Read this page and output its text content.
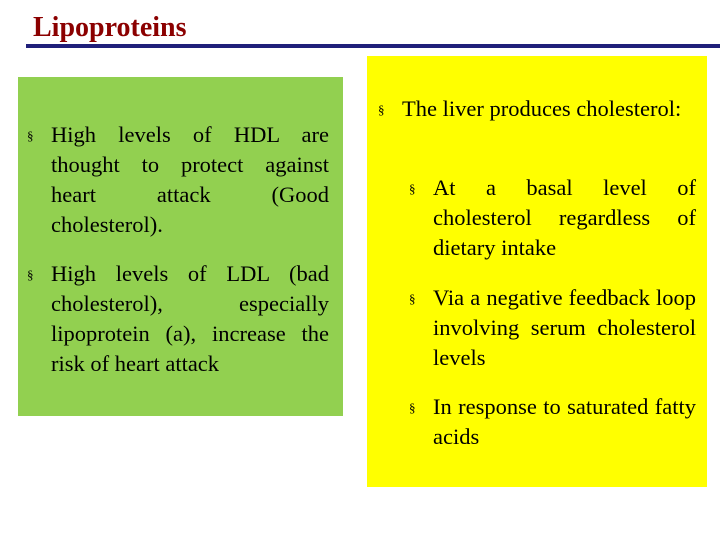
Lipoproteins
§ High levels of HDL are thought to protect against heart attack (Good cholesterol).
§ High levels of LDL (bad cholesterol), especially lipoprotein (a), increase the risk of heart attack
§ The liver produces cholesterol:
§ At a basal level of cholesterol regardless of dietary intake
§ Via a negative feedback loop involving serum cholesterol levels
§ In response to saturated fatty acids
